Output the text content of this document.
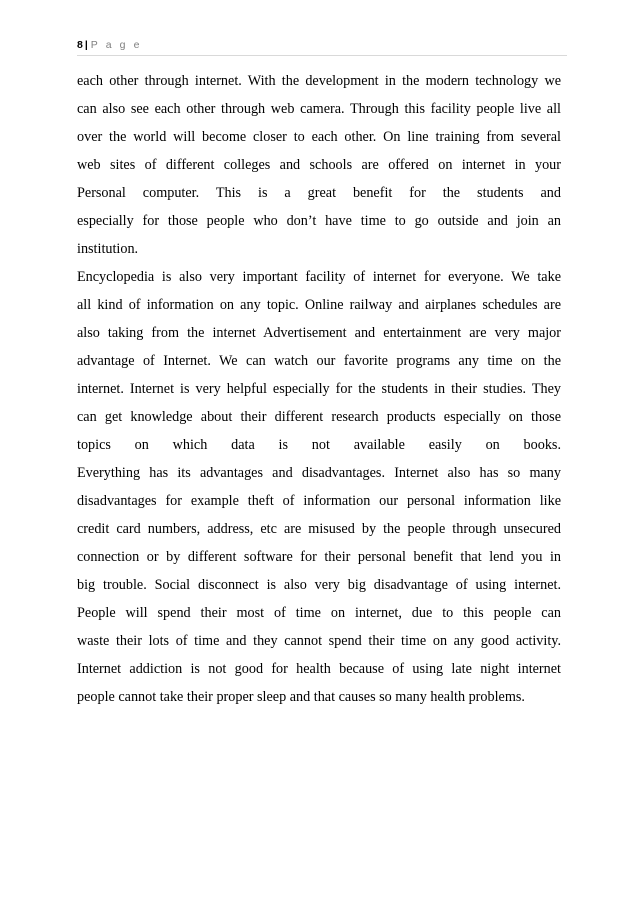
8 | P a g e
each other through internet. With the development in the modern technology we
can also see each other through web camera. Through this facility people live all
over the world will become closer to each other. On line training from several
web sites of different colleges and schools are offered on internet in your
Personal computer. This is a great benefit for the students and
especially for those people who don’t have time to go outside and join an
institution.
Encyclopedia is also very important facility of internet for everyone. We take
all kind of information on any topic. Online railway and airplanes schedules are
also taking from the internet Advertisement and entertainment are very major
advantage of Internet. We can watch our favorite programs any time on the
internet. Internet is very helpful especially for the students in their studies. They
can get knowledge about their different research products especially on those
topics on which data is not available easily on books.
Everything has its advantages and disadvantages. Internet also has so many
disadvantages for example theft of information our personal information like
credit card numbers, address, etc are misused by the people through unsecured
connection or by different software for their personal benefit that lend you in
big trouble. Social disconnect is also very big disadvantage of using internet.
People will spend their most of time on internet, due to this people can
waste their lots of time and they cannot spend their time on any good activity.
Internet addiction is not good for health because of using late night internet
people cannot take their proper sleep and that causes so many health problems.
